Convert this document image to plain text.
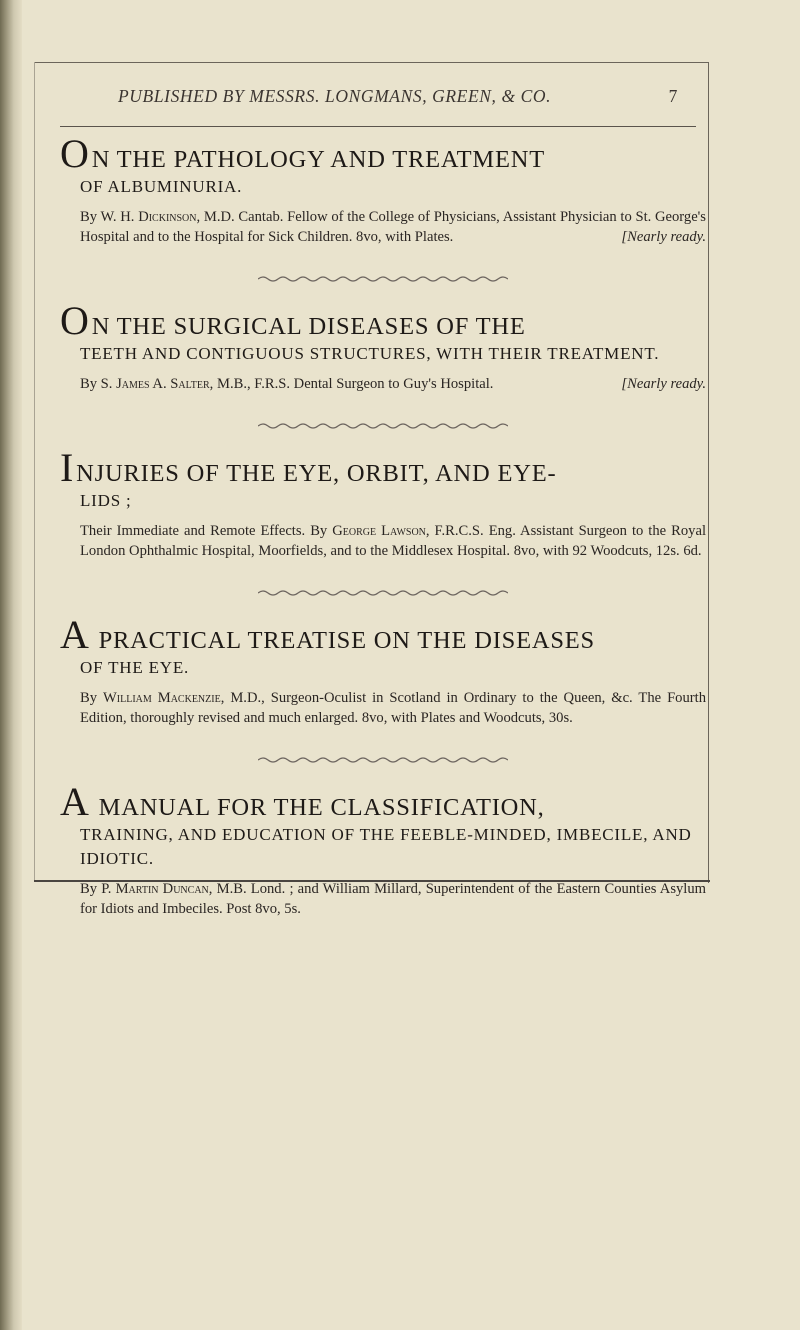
PUBLISHED BY MESSRS. LONGMANS, GREEN, & CO.	7

ON THE PATHOLOGY AND TREATMENT

OF ALBUMINURIA.

By W. H. Dickinson, M.D. Cantab. Fellow of the College of Physicians, Assistant Physician to St. George's Hospital and to the Hospital for Sick Children. 8vo, with Plates.	[Nearly ready.

ON THE SURGICAL DISEASES OF THE

TEETH AND CONTIGUOUS STRUCTURES, WITH THEIR TREATMENT.

By S. James A. Salter, M.B., F.R.S. Dental Surgeon to Guy's Hospital.	[Nearly ready.

INJURIES OF THE EYE, ORBIT, AND EYE-

LIDS ;

Their Immediate and Remote Effects. By George Lawson, F.R.C.S. Eng. Assistant Surgeon to the Royal London Ophthalmic Hospital, Moorfields, and to the Middlesex Hospital. 8vo, with 92 Woodcuts, 12s. 6d.

A PRACTICAL TREATISE ON THE DISEASES

OF THE EYE.

By William Mackenzie, M.D., Surgeon-Oculist in Scotland in Ordinary to the Queen, &c. The Fourth Edition, thoroughly revised and much enlarged. 8vo, with Plates and Woodcuts, 30s.

A MANUAL FOR THE CLASSIFICATION,

TRAINING, AND EDUCATION OF THE FEEBLE-MINDED, IMBECILE, AND IDIOTIC.

By P. Martin Duncan, M.B. Lond. ; and William Millard, Superintendent of the Eastern Counties Asylum for Idiots and Imbeciles. Post 8vo, 5s.
